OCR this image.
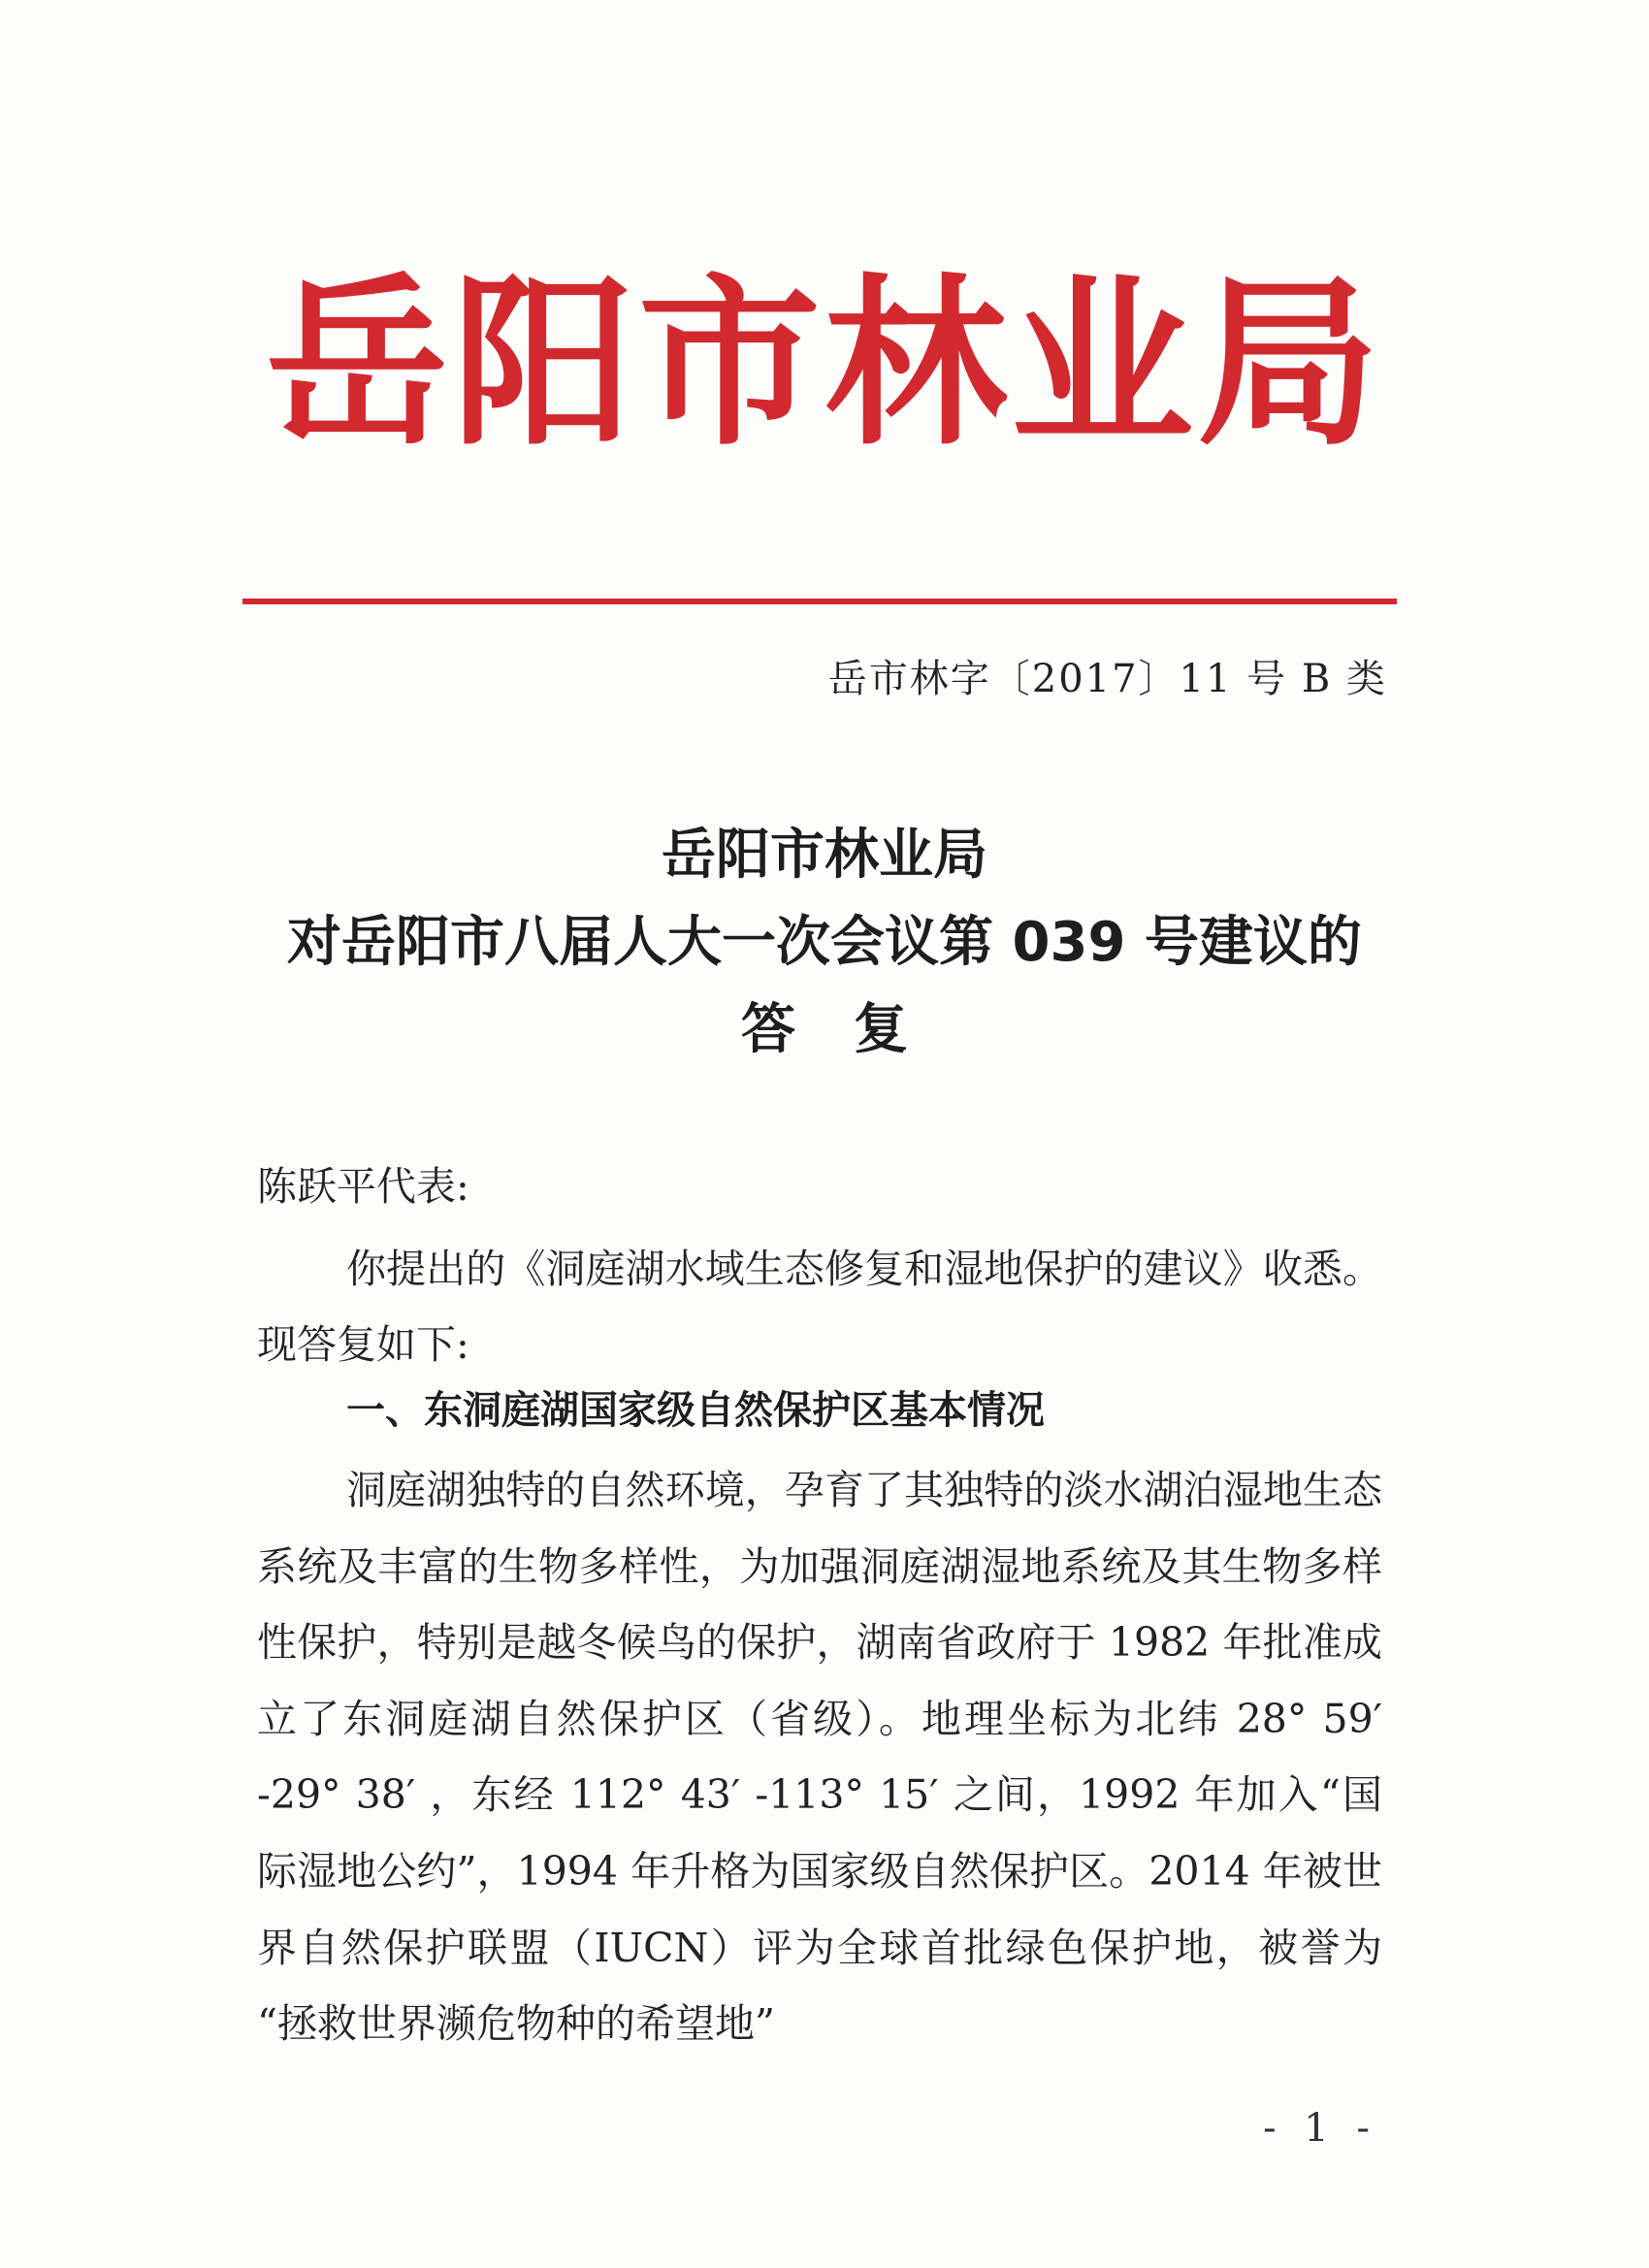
岳阳市林业局
岳市林字〔2017〕11 号 B 类
岳阳市林业局
对岳阳市八届人大一次会议第 039 号建议的
答复
陈跃平代表:
你提出的《洞庭湖水域生态修复和湿地保护的建议》收悉。现答复如下:
一、东洞庭湖国家级自然保护区基本情况
洞庭湖独特的自然环境，孕育了其独特的淡水湖泊湿地生态系统及丰富的生物多样性，为加强洞庭湖湿地系统及其生物多样性保护，特别是越冬候鸟的保护，湖南省政府于 1982 年批准成立了东洞庭湖自然保护区（省级）。地理坐标为北纬 28° 59′ -29° 38′ ，东经 112° 43′ -113° 15′ 之间，1992 年加入“国际湿地公约”，1994 年升格为国家级自然保护区。2014 年被世界自然保护联盟（IUCN）评为全球首批绿色保护地，被誉为 “拯救世界濒危物种的希望地”
- 1 -
